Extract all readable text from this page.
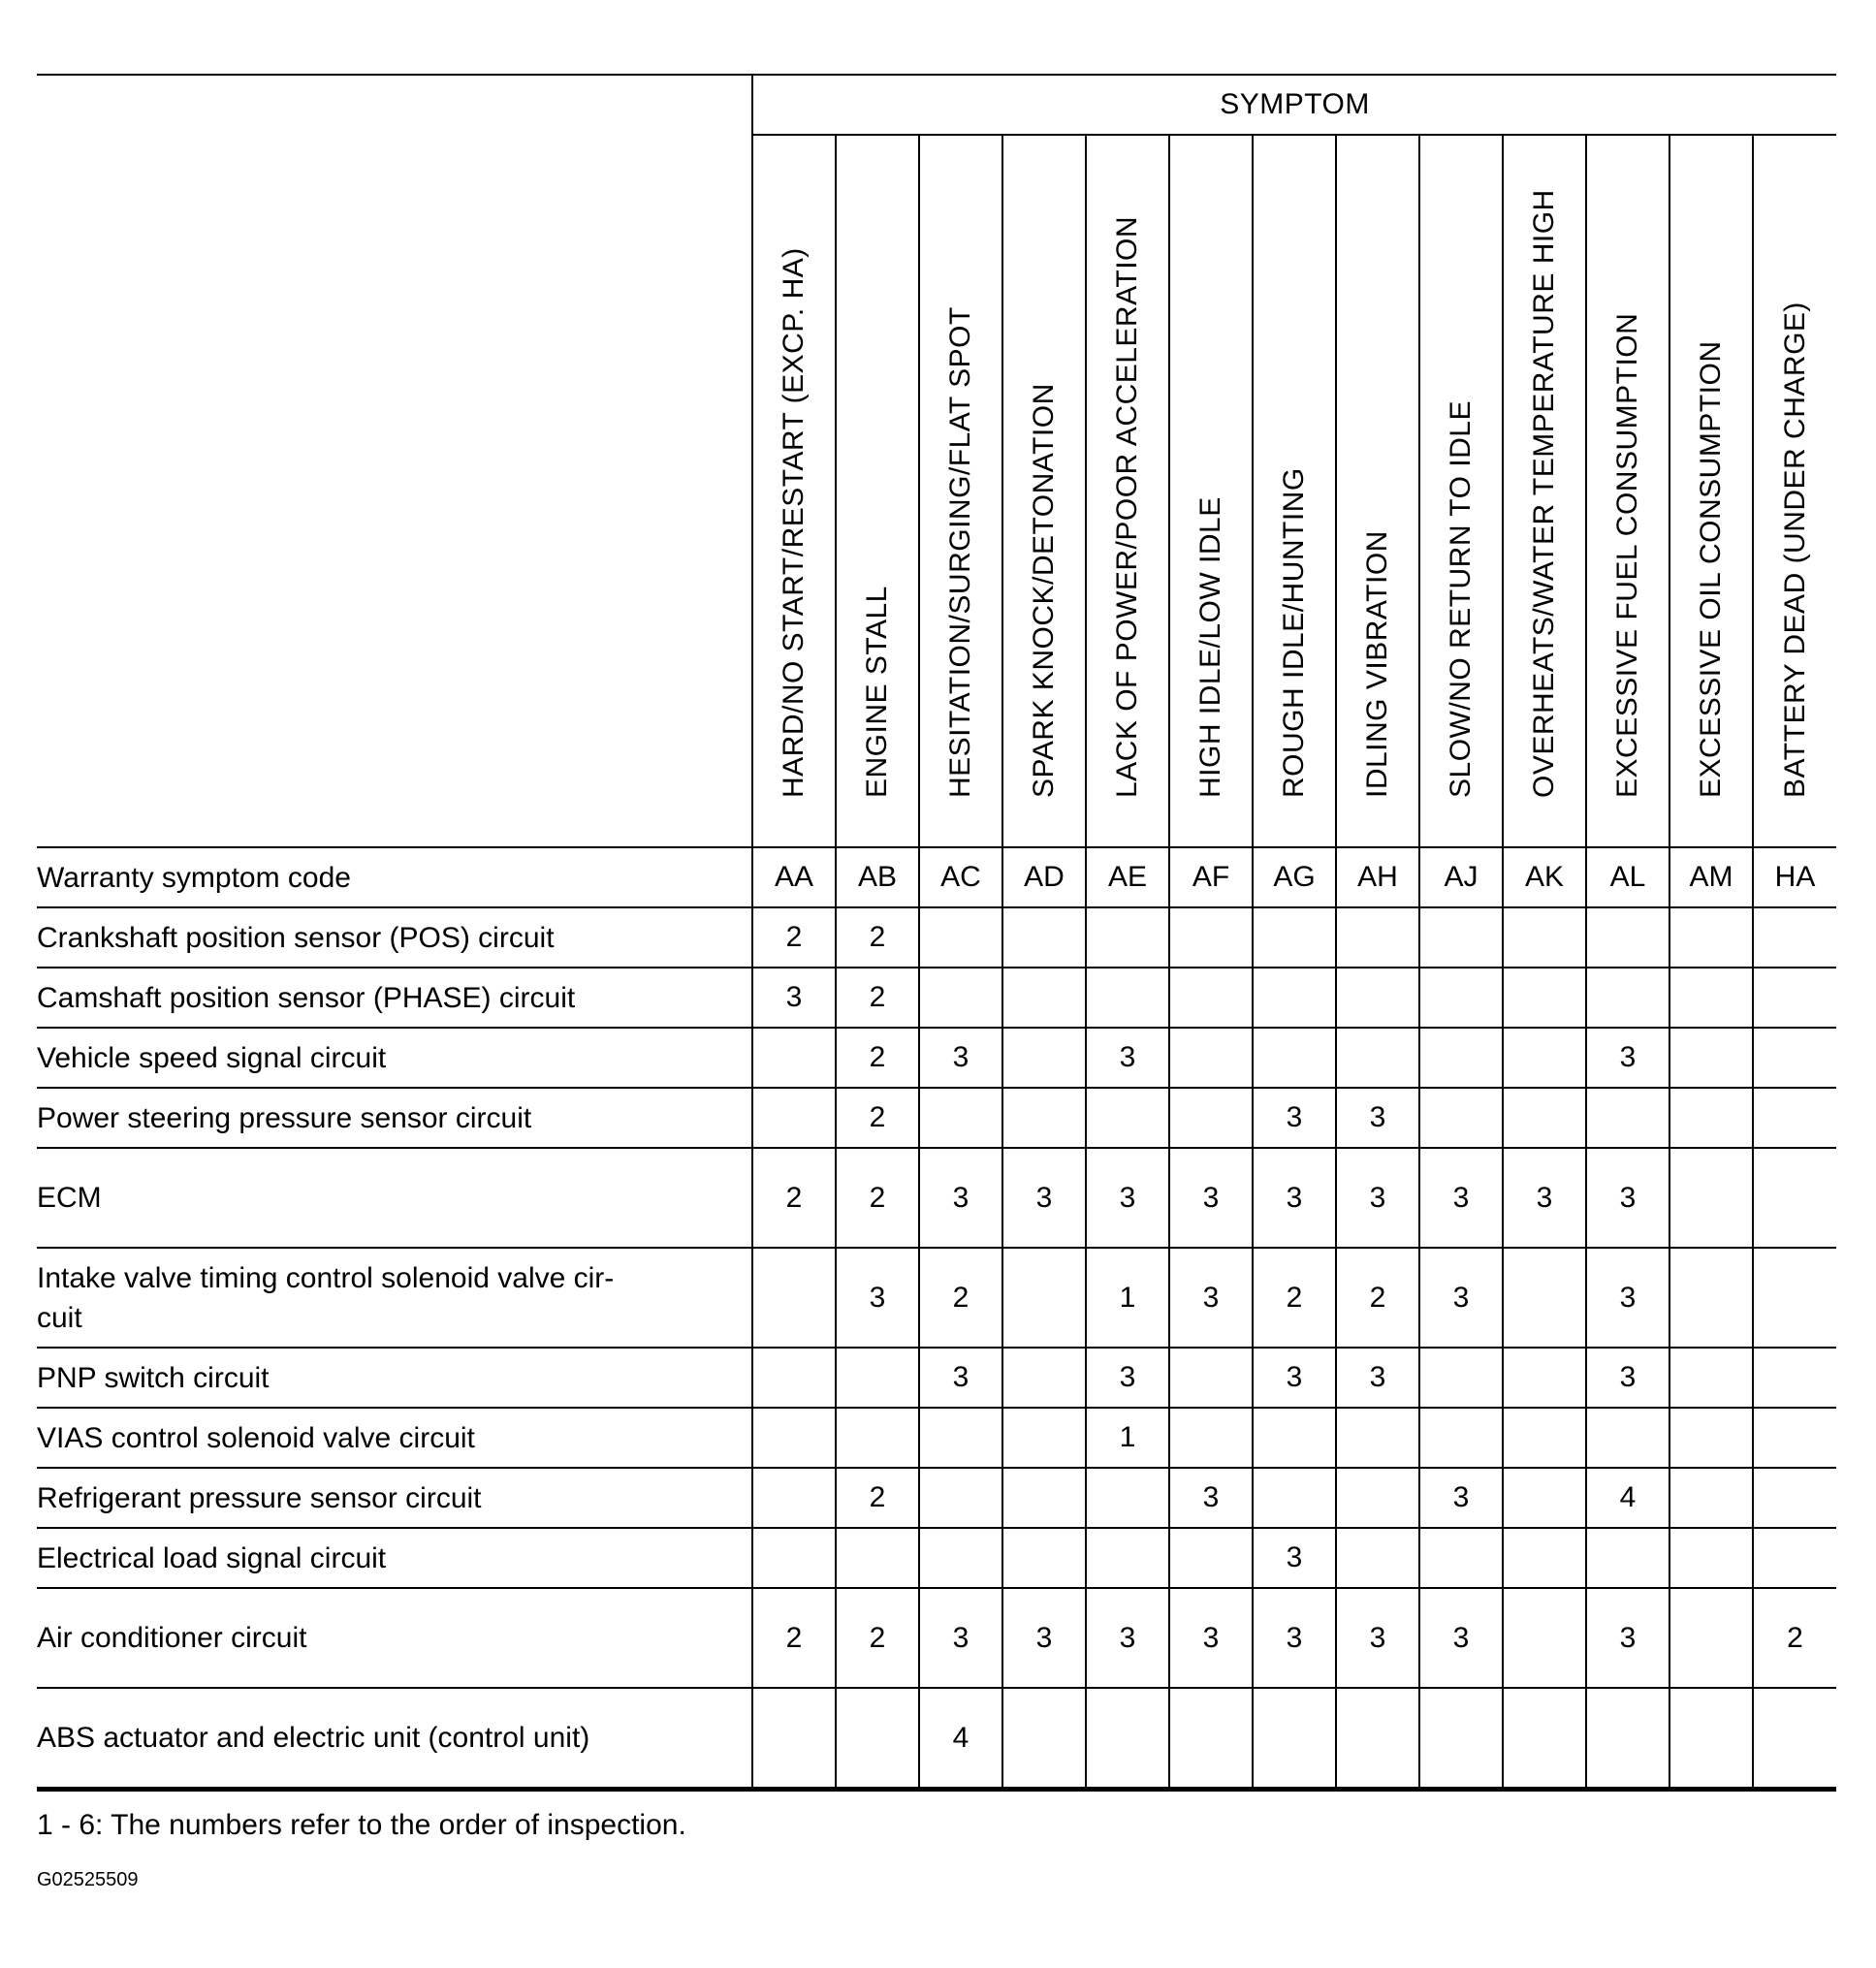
	SYMPTOM												

	HARD/NO START/RESTART (EXCP. HA)	ENGINE STALL	HESITATION/SURGING/FLAT SPOT	SPARK KNOCK/DETONATION	LACK OF POWER/POOR ACCELERATION	HIGH IDLE/LOW IDLE	ROUGH IDLE/HUNTING	IDLING VIBRATION	SLOW/NO RETURN TO IDLE	OVERHEATS/WATER TEMPERATURE HIGH	EXCESSIVE FUEL CONSUMPTION	EXCESSIVE OIL CONSUMPTION	BATTERY DEAD (UNDER CHARGE)

Warranty symptom code	AA	AB	AC	AD	AE	AF	AG	AH	AJ	AK	AL	AM	HA
Crankshaft position sensor (POS) circuit	2	2											
Camshaft position sensor (PHASE) circuit	3	2											
Vehicle speed signal circuit		2	3		3						3		
Power steering pressure sensor circuit		2					3	3					
ECM	2	2	3	3	3	3	3	3	3	3	3		
Intake valve timing control solenoid valve cir-
cuit		3	2		1	3	2	2	3		3		
PNP switch circuit			3		3		3	3			3		
VIAS control solenoid valve circuit					1								
Refrigerant pressure sensor circuit		2				3			3		4		
Electrical load signal circuit							3						
Air conditioner circuit	2	2	3	3	3	3	3	3	3		3		2
ABS actuator and electric unit (control unit)			4										
1 - 6: The numbers refer to the order of inspection.
G02525509
